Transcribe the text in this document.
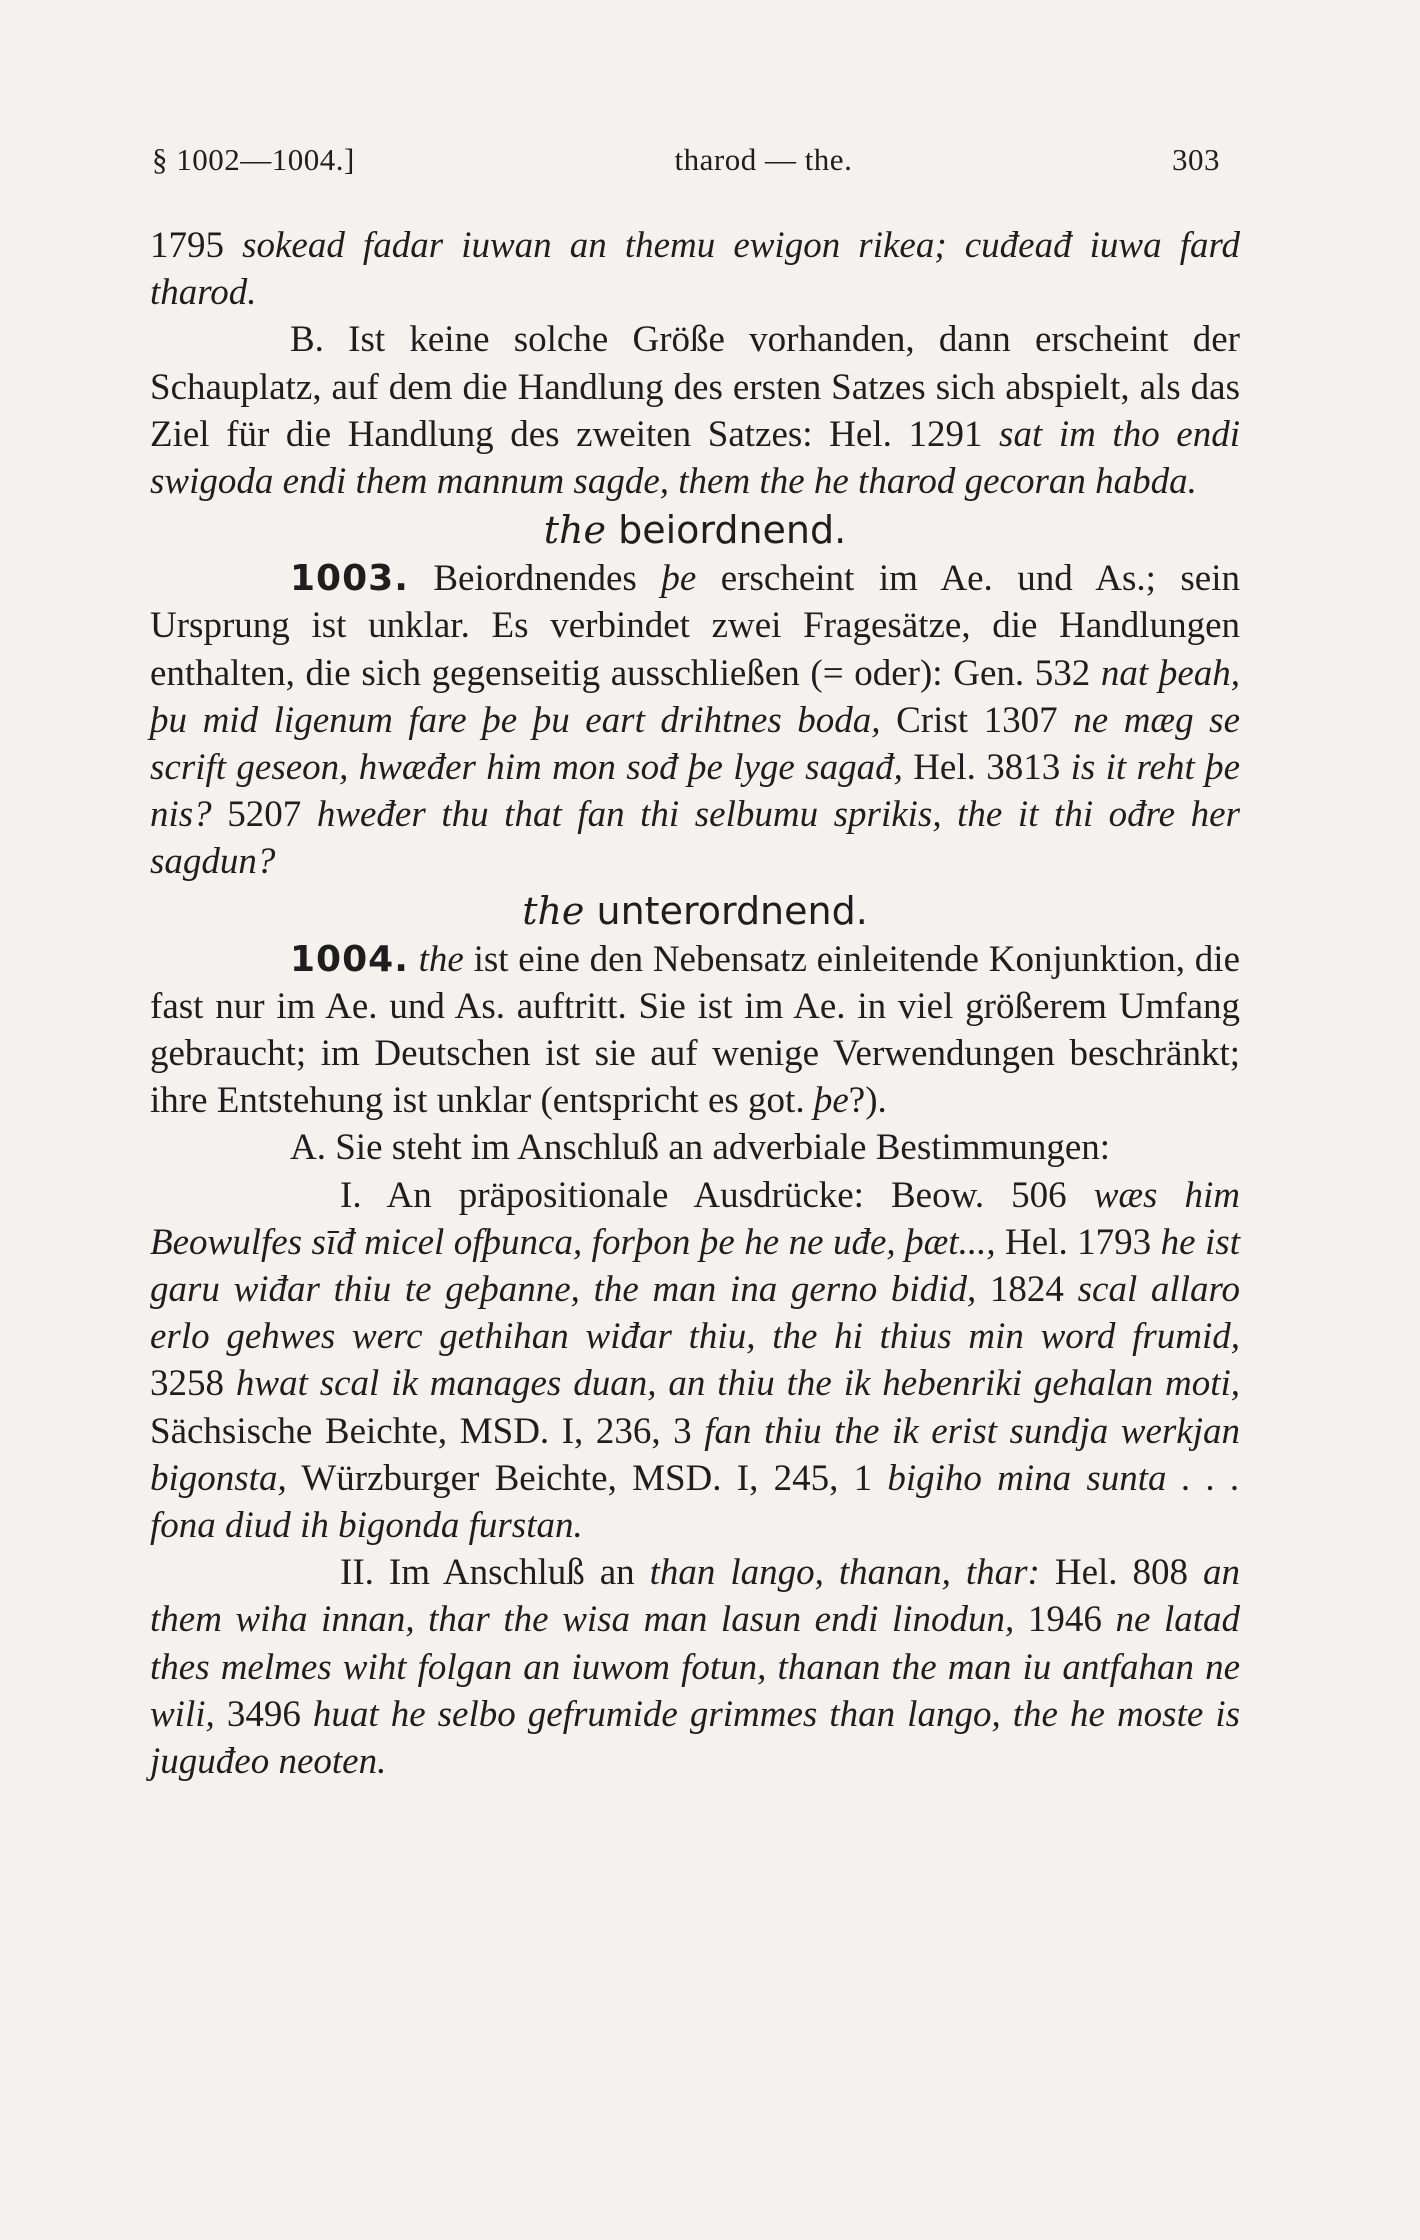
§ 1002—1004.]	tharod — the.	303

1795 sokead fadar iuwan an themu ewigon rikea; cuđeađ iuwa fard tharod.

B. Ist keine solche Größe vorhanden, dann erscheint der Schauplatz, auf dem die Handlung des ersten Satzes sich abspielt, als das Ziel für die Handlung des zweiten Satzes: Hel. 1291 sat im tho endi swigoda endi them mannum sagde, them the he tharod gecoran habda.

the beiordnend.

1003. Beiordnendes þe erscheint im Ae. und As.; sein Ursprung ist unklar. Es verbindet zwei Fragesätze, die Handlungen enthalten, die sich gegenseitig ausschließen (= oder): Gen. 532 nat þeah, þu mid ligenum fare þe þu eart drihtnes boda, Crist 1307 ne mæg se scrift geseon, hwæđer him mon sođ þe lyge sagađ, Hel. 3813 is it reht þe nis? 5207 hweđer thu that fan thi selbumu sprikis, the it thi ođre her sagdun?

the unterordnend.

1004. the ist eine den Nebensatz einleitende Konjunktion, die fast nur im Ae. und As. auftritt. Sie ist im Ae. in viel größerem Umfang gebraucht; im Deutschen ist sie auf wenige Verwendungen beschränkt; ihre Entstehung ist unklar (entspricht es got. þe?).

A. Sie steht im Anschluß an adverbiale Bestimmungen:

I. An präpositionale Ausdrücke: Beow. 506 wæs him Beowulfes sīđ micel ofþunca, forþon þe he ne uđe, þæt..., Hel. 1793 he ist garu wiđar thiu te geþanne, the man ina gerno bidid, 1824 scal allaro erlo gehwes werc gethihan wiđar thiu, the hi thius min word frumid, 3258 hwat scal ik manages duan, an thiu the ik hebenriki gehalan moti, Sächsische Beichte, MSD. I, 236, 3 fan thiu the ik erist sundja werkjan bigonsta, Würzburger Beichte, MSD. I, 245, 1 bigiho mina sunta . . . fona diud ih bigonda furstan.

II. Im Anschluß an than lango, thanan, thar: Hel. 808 an them wiha innan, thar the wisa man lasun endi linodun, 1946 ne latad thes melmes wiht folgan an iuwom fotun, thanan the man iu antfahan ne wili, 3496 huat he selbo gefrumide grimmes than lango, the he moste is juguđeo neoten.
